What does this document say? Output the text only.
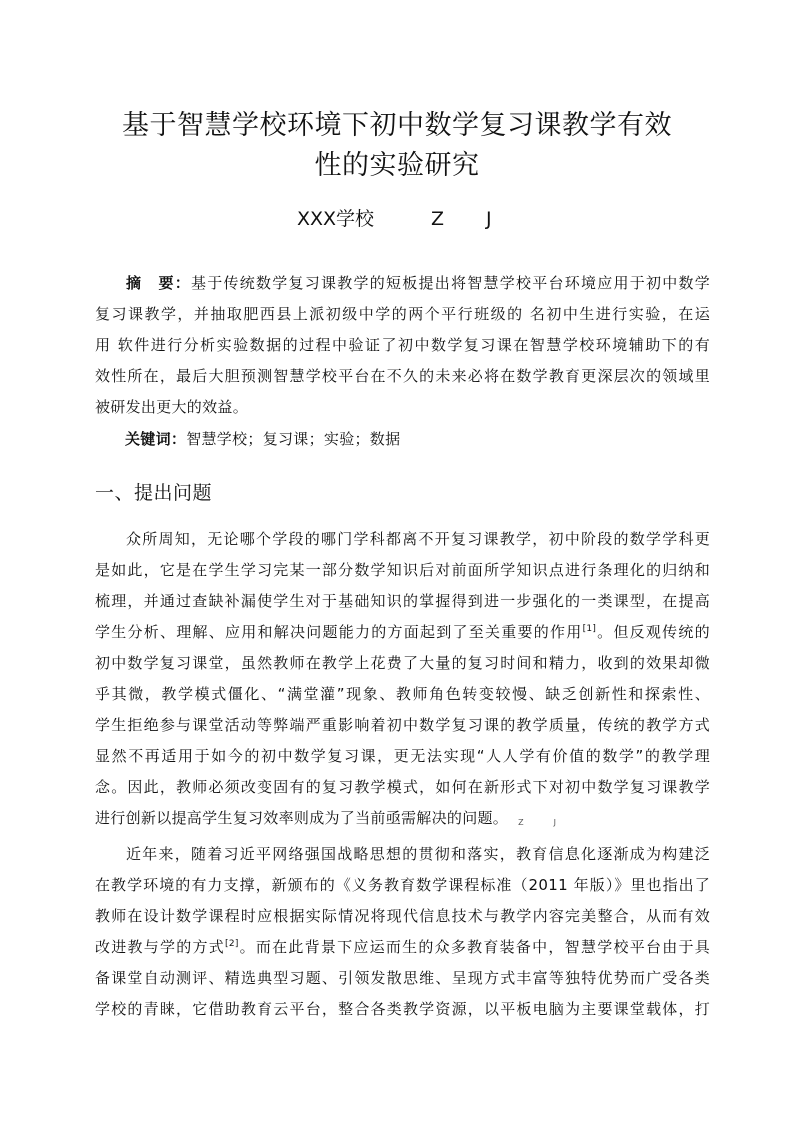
基于智慧学校环境下初中数学复习课教学有效
性的实验研究
XXX学校	Z J
摘　要：基于传统数学复习课教学的短板提出将智慧学校平台环境应用于初中数学
复习课教学，并抽取肥西县上派初级中学的两个平行班级的 名初中生进行实验，在运
用 软件进行分析实验数据的过程中验证了初中数学复习课在智慧学校环境辅助下的有
效性所在，最后大胆预测智慧学校平台在不久的未来必将在数学教育更深层次的领域里
被研发出更大的效益。
关键词：智慧学校；复习课；实验；数据
一、提出问题
众所周知，无论哪个学段的哪门学科都离不开复习课教学，初中阶段的数学学科更
是如此，它是在学生学习完某一部分数学知识后对前面所学知识点进行条理化的归纳和
梳理，并通过查缺补漏使学生对于基础知识的掌握得到进一步强化的一类课型，在提高
学生分析、理解、应用和解决问题能力的方面起到了至关重要的作用[1]。但反观传统的
初中数学复习课堂，虽然教师在教学上花费了大量的复习时间和精力，收到的效果却微
乎其微，教学模式僵化、“满堂灌”现象、教师角色转变较慢、缺乏创新性和探索性、
学生拒绝参与课堂活动等弊端严重影响着初中数学复习课的教学质量，传统的教学方式
显然不再适用于如今的初中数学复习课，更无法实现“人人学有价值的数学”的教学理
念。因此，教师必须改变固有的复习教学模式，如何在新形式下对初中数学复习课教学
进行创新以提高学生复习效率则成为了当前亟需解决的问题。 Z	J
近年来，随着习近平网络强国战略思想的贯彻和落实，教育信息化逐渐成为构建泛
在教学环境的有力支撑，新颁布的《义务教育数学课程标准（2011 年版）》里也指出了
教师在设计数学课程时应根据实际情况将现代信息技术与教学内容完美整合，从而有效
改进教与学的方式[2]。而在此背景下应运而生的众多教育装备中，智慧学校平台由于具
备课堂自动测评、精选典型习题、引领发散思维、呈现方式丰富等独特优势而广受各类
学校的青睐，它借助教育云平台，整合各类教学资源，以平板电脑为主要课堂载体，打
